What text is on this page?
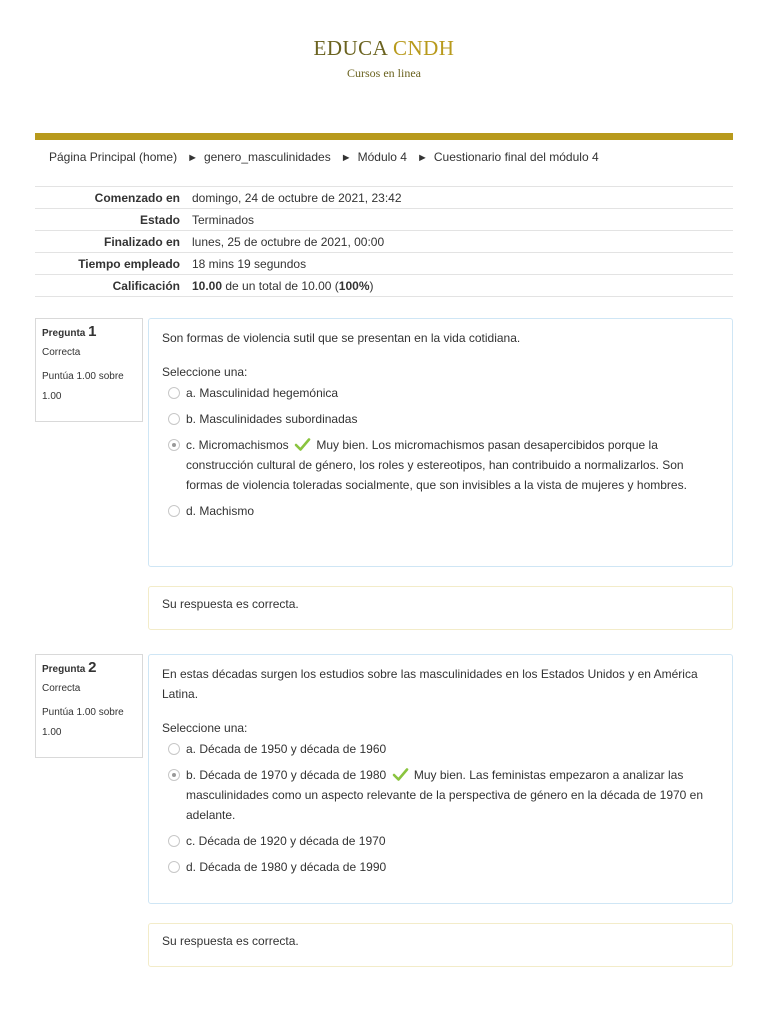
EDUCA CNDH
Cursos en linea
Página Principal (home) ► genero_masculinidades ► Módulo 4 ► Cuestionario final del módulo 4
Comenzado en	domingo, 24 de octubre de 2021, 23:42
Estado	Terminados
Finalizado en	lunes, 25 de octubre de 2021, 00:00
Tiempo empleado	18 mins 19 segundos
Calificación	10.00 de un total de 10.00 (100%)
Pregunta 1
Correcta
Puntúa 1.00 sobre 1.00
Son formas de violencia sutil que se presentan en la vida cotidiana.
Seleccione una:
a. Masculinidad hegemónica
b. Masculinidades subordinadas
c. Micromachismos Muy bien. Los micromachismos pasan desapercibidos porque la construcción cultural de género, los roles y estereotipos, han contribuido a normalizarlos. Son formas de violencia toleradas socialmente, que son invisibles a la vista de mujeres y hombres.
d. Machismo
Su respuesta es correcta.
Pregunta 2
Correcta
Puntúa 1.00 sobre 1.00
En estas décadas surgen los estudios sobre las masculinidades en los Estados Unidos y en América Latina.
Seleccione una:
a. Década de 1950 y década de 1960
b. Década de 1970 y década de 1980 Muy bien. Las feministas empezaron a analizar las masculinidades como un aspecto relevante de la perspectiva de género en la década de 1970 en adelante.
c. Década de 1920 y década de 1970
d. Década de 1980 y década de 1990
Su respuesta es correcta.
